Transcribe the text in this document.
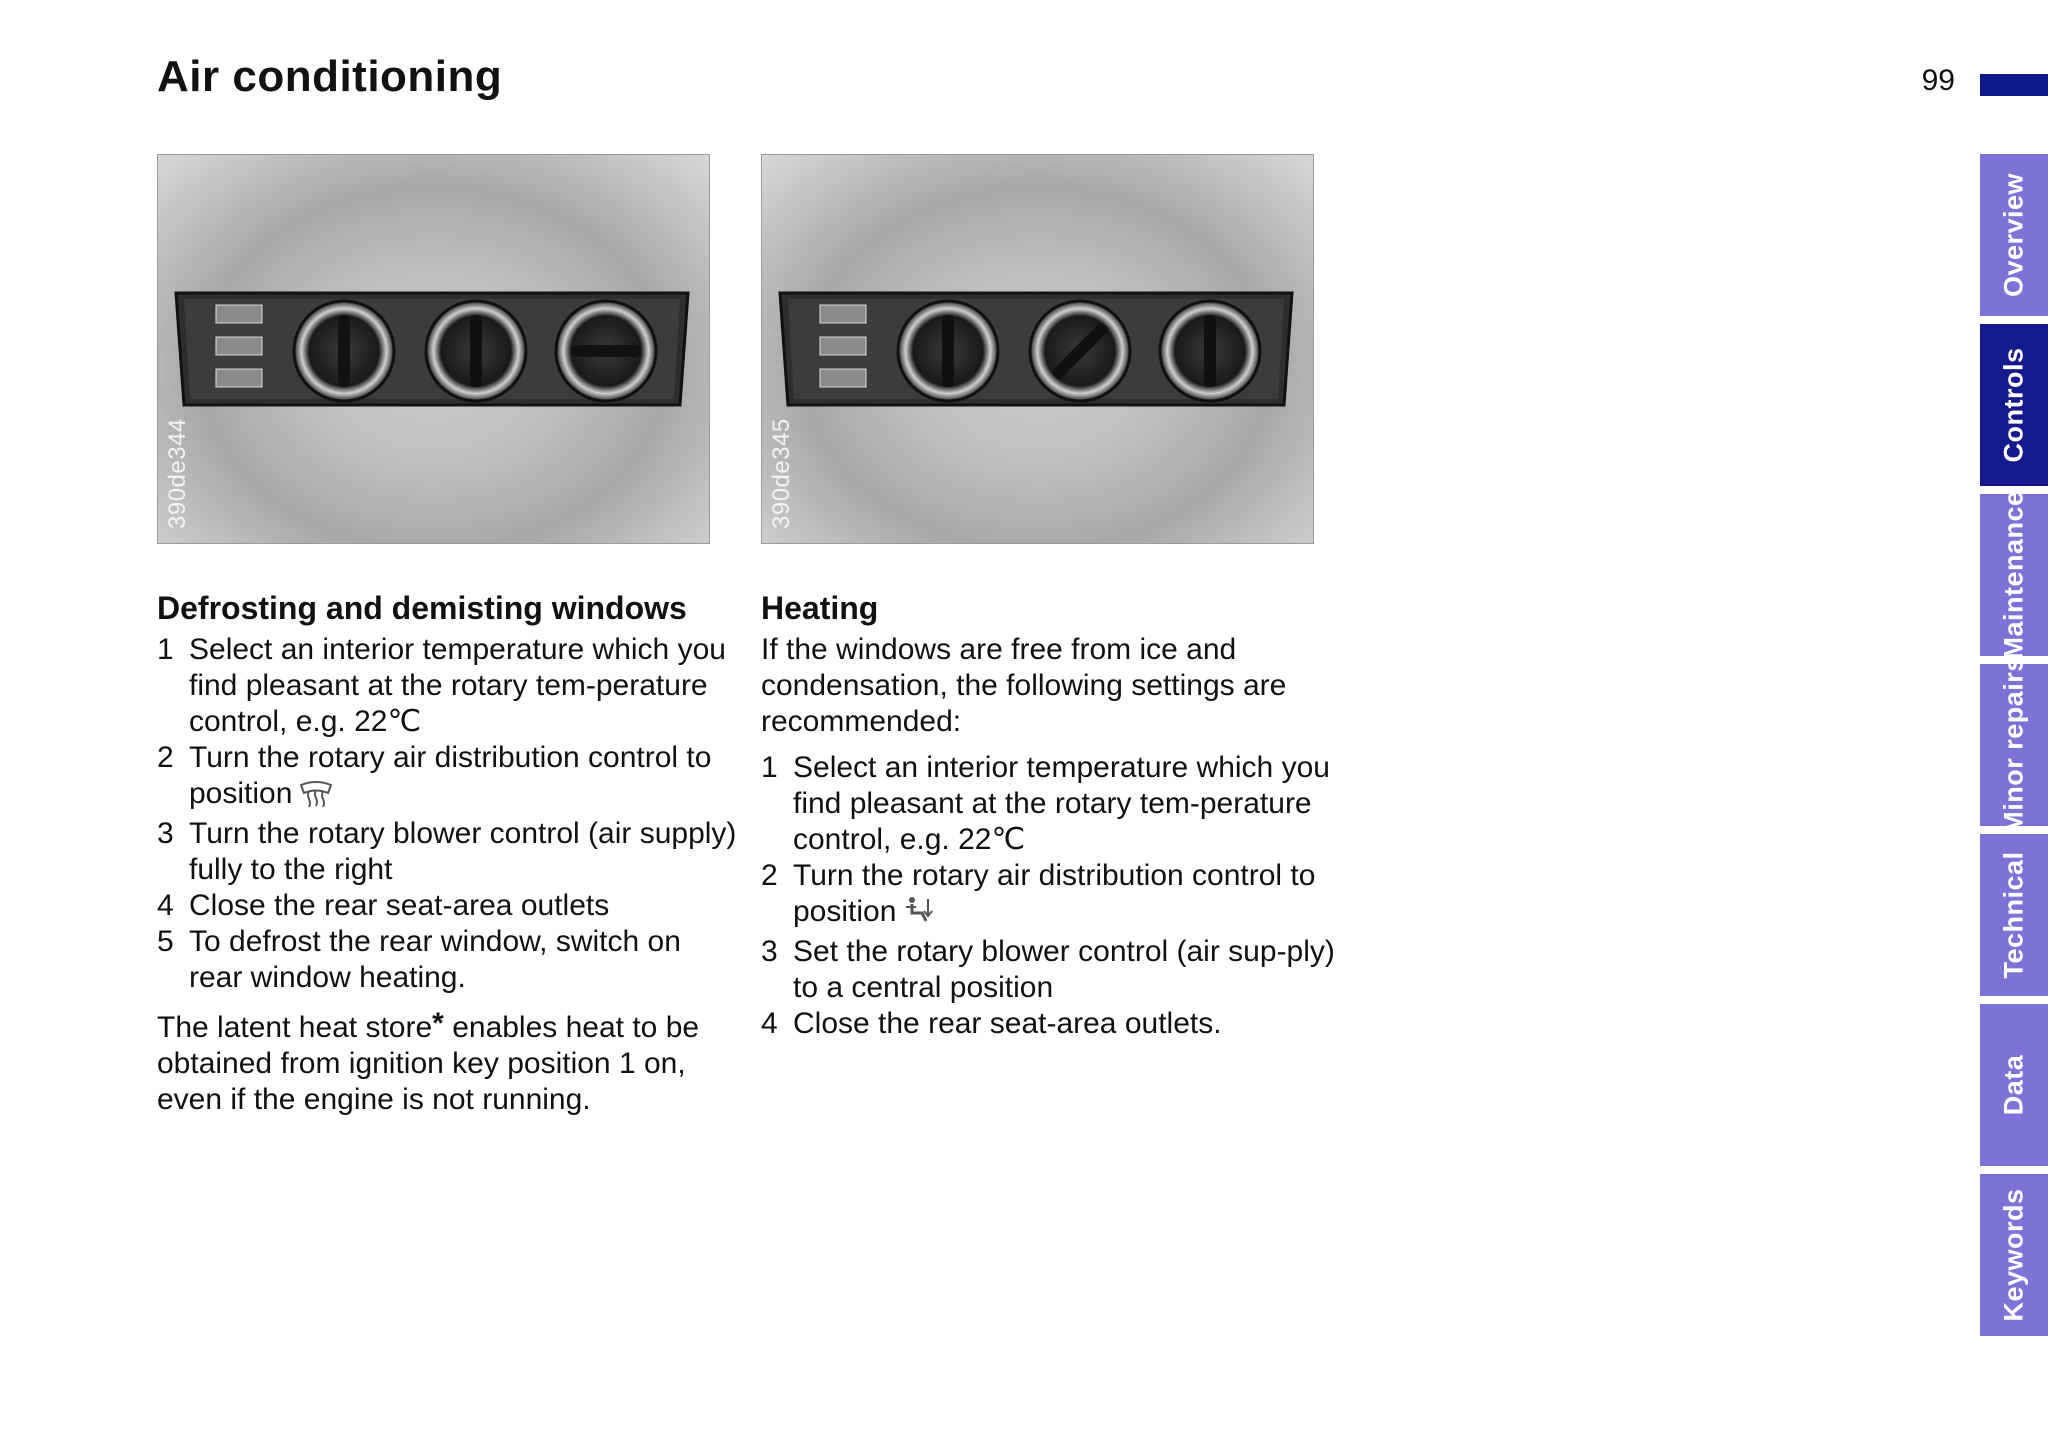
Air conditioning	99
Overview
Controls
Maintenance
Minor repairs
Technical
Data
Keywords
390de344	390de345
Defrosting and demisting windows
1 Select an interior temperature which you find pleasant at the rotary tem-perature control, e.g. 22℃
2 Turn the rotary air distribution control to position
3 Turn the rotary blower control (air supply) fully to the right
4 Close the rear seat-area outlets
5 To defrost the rear window, switch on rear window heating.

The latent heat store* enables heat to be obtained from ignition key position 1 on, even if the engine is not running.

Heating

If the windows are free from ice and condensation, the following settings are recommended:

1 Select an interior temperature which you find pleasant at the rotary tem-perature control, e.g. 22℃
2 Turn the rotary air distribution control to position
3 Set the rotary blower control (air sup-ply) to a central position
4 Close the rear seat-area outlets.
